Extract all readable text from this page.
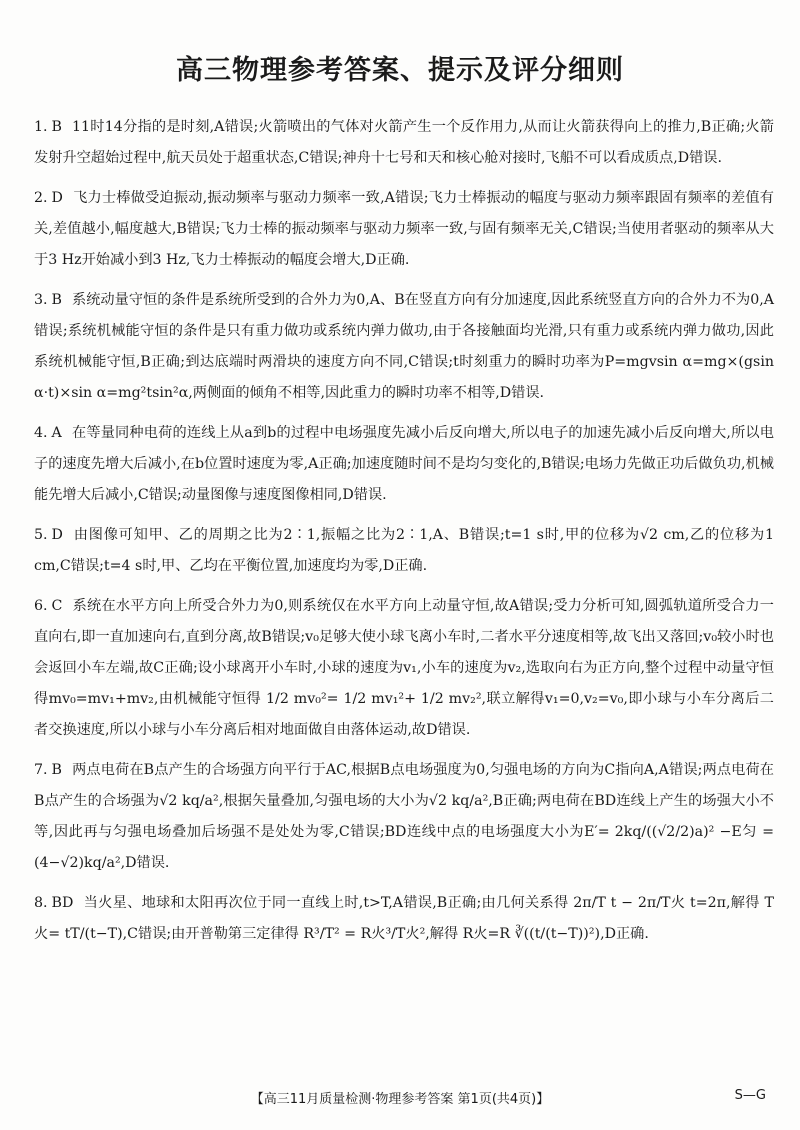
高三物理参考答案、提示及评分细则

1. B 11时14分指的是时刻,A错误;火箭喷出的气体对火箭产生一个反作用力,从而让火箭获得向上的推力,B正确;火箭发射升空超始过程中,航天员处于超重状态,C错误;神舟十七号和天和核心舱对接时,飞船不可以看成质点,D错误.

2. D 飞力士棒做受迫振动,振动频率与驱动力频率一致,A错误;飞力士棒振动的幅度与驱动力频率跟固有频率的差值有关,差值越小,幅度越大,B错误;飞力士棒的振动频率与驱动力频率一致,与固有频率无关,C错误;当使用者驱动的频率从大于3 Hz开始减小到3 Hz,飞力士棒振动的幅度会增大,D正确.

3. B 系统动量守恒的条件是系统所受到的合外力为0,A、B在竖直方向有分加速度,因此系统竖直方向的合外力不为0,A错误;系统机械能守恒的条件是只有重力做功或系统内弹力做功,由于各接触面均光滑,只有重力或系统内弹力做功,因此系统机械能守恒,B正确;到达底端时两滑块的速度方向不同,C错误;t时刻重力的瞬时功率为P=mgvsin α=mg×(gsin α·t)×sin α=mg²tsin²α,两侧面的倾角不相等,因此重力的瞬时功率不相等,D错误.

4. A 在等量同种电荷的连线上从a到b的过程中电场强度先减小后反向增大,所以电子的加速先减小后反向增大,所以电子的速度先增大后减小,在b位置时速度为零,A正确;加速度随时间不是均匀变化的,B错误;电场力先做正功后做负功,机械能先增大后减小,C错误;动量图像与速度图像相同,D错误.

5. D 由图像可知甲、乙的周期之比为2∶1,振幅之比为2∶1,A、B错误;t=1 s时,甲的位移为√2 cm,乙的位移为1 cm,C错误;t=4 s时,甲、乙均在平衡位置,加速度均为零,D正确.

6. C 系统在水平方向上所受合外力为0,则系统仅在水平方向上动量守恒,故A错误;受力分析可知,圆弧轨道所受合力一直向右,即一直加速向右,直到分离,故B错误;v₀足够大使小球飞离小车时,二者水平分速度相等,故飞出又落回;v₀较小时也会返回小车左端,故C正确;设小球离开小车时,小球的速度为v₁,小车的速度为v₂,选取向右为正方向,整个过程中动量守恒得mv₀=mv₁+mv₂,由机械能守恒得 1/2 mv₀²= 1/2 mv₁²+ 1/2 mv₂²,联立解得v₁=0,v₂=v₀,即小球与小车分离后二者交换速度,所以小球与小车分离后相对地面做自由落体运动,故D错误.

7. B 两点电荷在B点产生的合场强方向平行于AC,根据B点电场强度为0,匀强电场的方向为C指向A,A错误;两点电荷在B点产生的合场强为√2 kq/a²,根据矢量叠加,匀强电场的大小为√2 kq/a²,B正确;两电荷在BD连线上产生的场强大小不等,因此再与匀强电场叠加后场强不是处处为零,C错误;BD连线中点的电场强度大小为E′= 2kq/((√2/2)a)² −E匀 = (4−√2)kq/a²,D错误.

8. BD 当火星、地球和太阳再次位于同一直线上时,t>T,A错误,B正确;由几何关系得 2π/T t − 2π/T火 t=2π,解得 T火= tT/(t−T),C错误;由开普勒第三定律得 R³/T² = R火³/T火²,解得 R火=R ∛((t/(t−T))²),D正确.

【高三11月质量检测·物理参考答案 第1页(共4页)】	S—G
